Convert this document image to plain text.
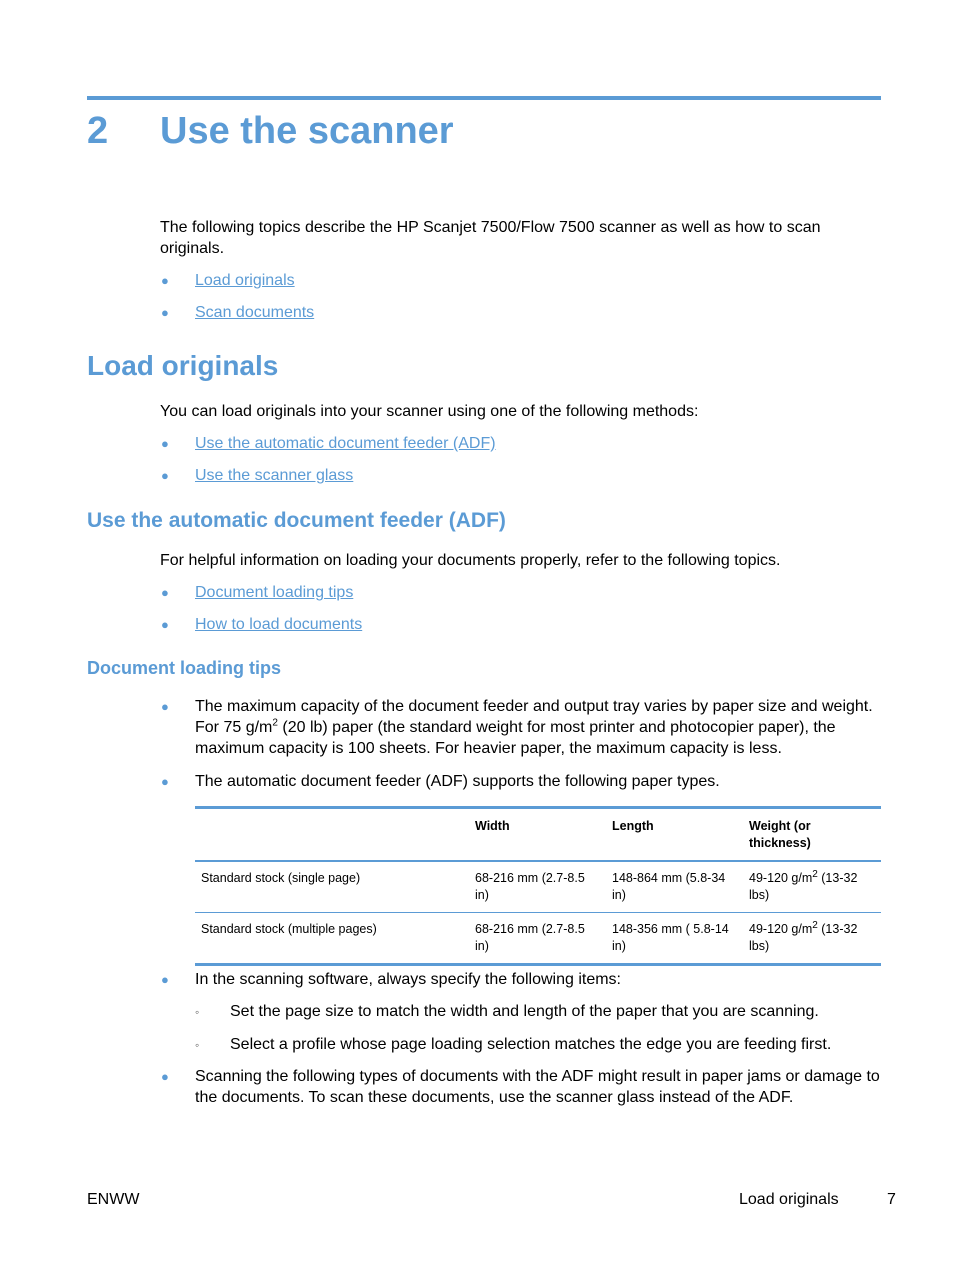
2 Use the scanner
The following topics describe the HP Scanjet 7500/Flow 7500 scanner as well as how to scan originals.
● Load originals
● Scan documents
Load originals
You can load originals into your scanner using one of the following methods:
● Use the automatic document feeder (ADF)
● Use the scanner glass
Use the automatic document feeder (ADF)
For helpful information on loading your documents properly, refer to the following topics.
● Document loading tips
● How to load documents
Document loading tips
● The maximum capacity of the document feeder and output tray varies by paper size and weight. For 75 $g/m^2$ (20 lb) paper (the standard weight for most printer and photocopier paper), the maximum capacity is 100 sheets. For heavier paper, the maximum capacity is less.
● The automatic document feeder (ADF) supports the following paper types.
	Width	Length	Weight (or thickness)
Standard stock (single page)	68-216 mm (2.7-8.5 in)	148-864 mm (5.8-34 in)	49-120 $g/m^2$ (13-32 lbs)
Standard stock (multiple pages)	68-216 mm (2.7-8.5 in)	148-356 mm ( 5.8-14 in)	49-120 $g/m^2$ (13-32 lbs)
● In the scanning software, always specify the following items:
◦ Set the page size to match the width and length of the paper that you are scanning.
◦ Select a profile whose page loading selection matches the edge you are feeding first.
● Scanning the following types of documents with the ADF might result in paper jams or damage to the documents. To scan these documents, use the scanner glass instead of the ADF.
ENWW	Load originals	7
